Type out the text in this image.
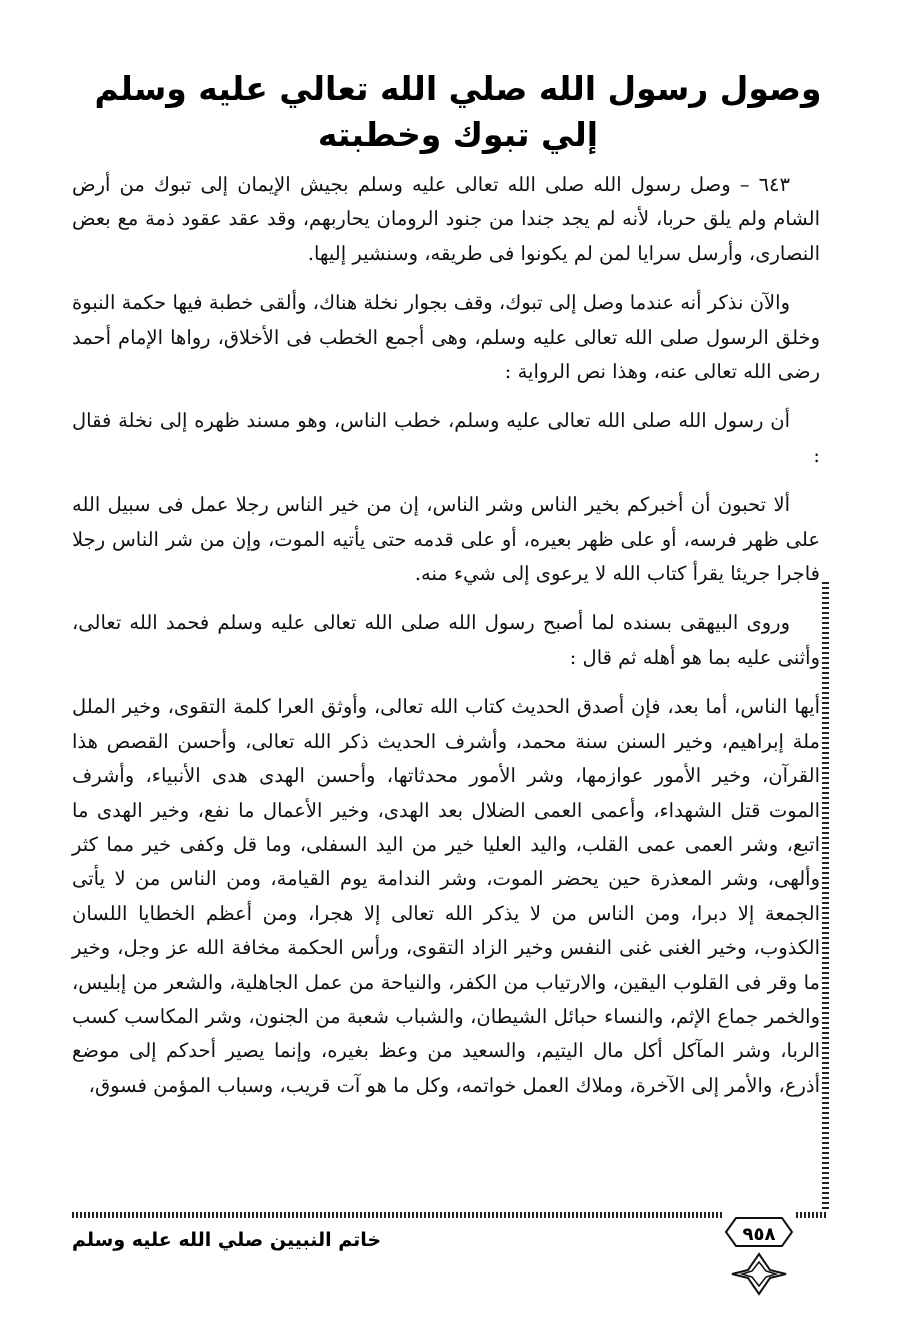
وصول رسول الله صلي الله تعالي عليه وسلم
إلي تبوك وخطبته

٦٤٣ – وصل رسول الله صلى الله تعالى عليه وسلم بجيش الإيمان إلى تبوك من أرض الشام ولم يلق حربا، لأنه لم يجد جندا من جنود الرومان يحاربهم، وقد عقد عقود ذمة مع بعض النصارى، وأرسل سرايا لمن لم يكونوا فى طريقه، وسنشير إليها.

والآن نذكر أنه عندما وصل إلى تبوك، وقف بجوار نخلة هناك، وألقى خطبة فيها حكمة النبوة وخلق الرسول صلى الله تعالى عليه وسلم، وهى أجمع الخطب فى الأخلاق، رواها الإمام أحمد رضى الله تعالى عنه، وهذا نص الرواية :

أن رسول الله صلى الله تعالى عليه وسلم، خطب الناس، وهو مسند ظهره إلى نخلة فقال :

ألا تحبون أن أخبركم بخير الناس وشر الناس، إن من خير الناس رجلا عمل فى سبيل الله على ظهر فرسه، أو على ظهر بعيره، أو على قدمه حتى يأتيه الموت، وإن من شر الناس رجلا فاجرا جريئا يقرأ كتاب الله لا يرعوى إلى شيء منه.

وروى البيهقى بسنده لما أصبح رسول الله صلى الله تعالى عليه وسلم فحمد الله تعالى، وأثنى عليه بما هو أهله ثم قال :

أيها الناس، أما بعد، فإن أصدق الحديث كتاب الله تعالى، وأوثق العرا كلمة التقوى، وخير الملل ملة إبراهيم، وخير السنن سنة محمد، وأشرف الحديث ذكر الله تعالى، وأحسن القصص هذا القرآن، وخير الأمور عوازمها، وشر الأمور محدثاتها، وأحسن الهدى هدى الأنبياء، وأشرف الموت قتل الشهداء، وأعمى العمى الضلال بعد الهدى، وخير الأعمال ما نفع، وخير الهدى ما اتبع، وشر العمى عمى القلب، واليد العليا خير من اليد السفلى، وما قل وكفى خير مما كثر وألهى، وشر المعذرة حين يحضر الموت، وشر الندامة يوم القيامة، ومن الناس من لا يأتى الجمعة إلا دبرا، ومن الناس من لا يذكر الله تعالى إلا هجرا، ومن أعظم الخطايا اللسان الكذوب، وخير الغنى غنى النفس وخير الزاد التقوى، ورأس الحكمة مخافة الله عز وجل، وخير ما وقر فى القلوب اليقين، والارتياب من الكفر، والنياحة من عمل الجاهلية، والشعر من إبليس، والخمر جماع الإثم، والنساء حبائل الشيطان، والشباب شعبة من الجنون، وشر المكاسب كسب الربا، وشر المآكل أكل مال اليتيم، والسعيد من وعظ بغيره، وإنما يصير أحدكم إلى موضع أذرع، والأمر إلى الآخرة، وملاك العمل خواتمه، وكل ما هو آت قريب، وسباب المؤمن فسوق،

٩٥٨
خاتم النبيين صلي الله عليه وسلم
